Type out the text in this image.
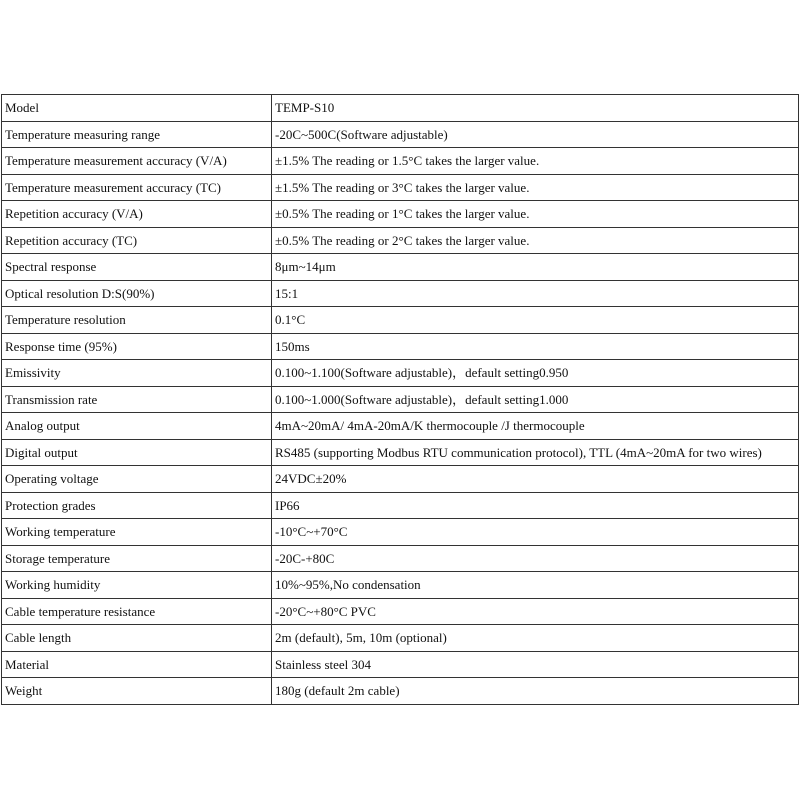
Model	TEMP-S10
Temperature measuring range	-20C~500C(Software adjustable)
Temperature measurement accuracy (V/A)	±1.5% The reading or 1.5°C takes the larger value.
Temperature measurement accuracy (TC)	±1.5% The reading or 3°C takes the larger value.
Repetition accuracy (V/A)	±0.5% The reading or 1°C takes the larger value.
Repetition accuracy (TC)	±0.5% The reading or 2°C takes the larger value.
Spectral response	8μm~14μm
Optical resolution D:S(90%)	15:1
Temperature resolution	0.1°C
Response time (95%)	150ms
Emissivity	0.100~1.100(Software adjustable)，default setting0.950
Transmission rate	0.100~1.000(Software adjustable)，default setting1.000
Analog output	4mA~20mA/ 4mA-20mA/K thermocouple /J thermocouple
Digital output	RS485 (supporting Modbus RTU communication protocol), TTL (4mA~20mA for two wires)
Operating voltage	24VDC±20%
Protection grades	IP66
Working temperature	-10°C~+70°C
Storage temperature	-20C-+80C
Working humidity	10%~95%,No condensation
Cable temperature resistance	-20°C~+80°C PVC
Cable length	2m (default), 5m, 10m (optional)
Material	Stainless steel 304
Weight	180g (default 2m cable)
